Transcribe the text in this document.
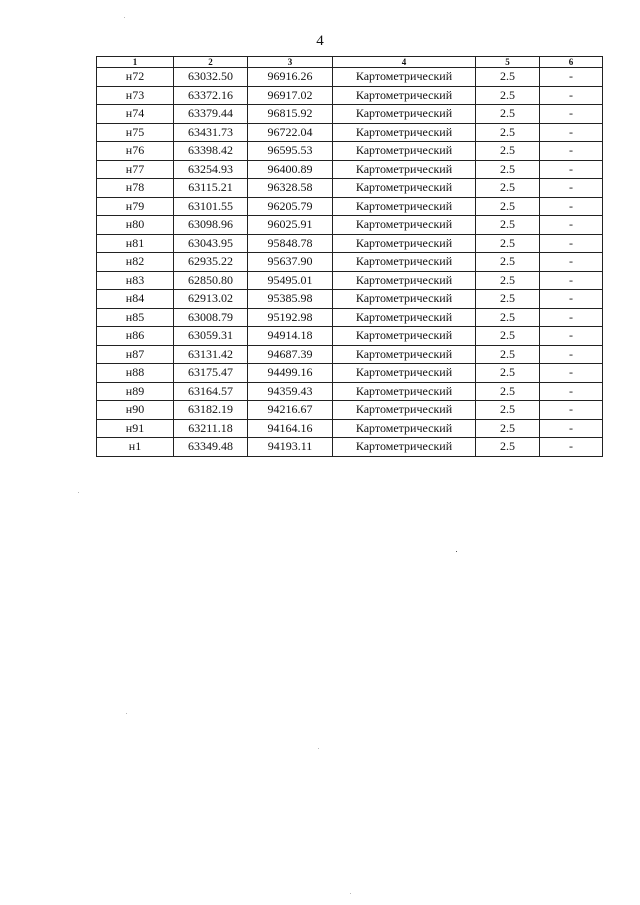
4
1	2	3	4	5	6
н72	63032.50	96916.26	Картометрический	2.5	-
н73	63372.16	96917.02	Картометрический	2.5	-
н74	63379.44	96815.92	Картометрический	2.5	-
н75	63431.73	96722.04	Картометрический	2.5	-
н76	63398.42	96595.53	Картометрический	2.5	-
н77	63254.93	96400.89	Картометрический	2.5	-
н78	63115.21	96328.58	Картометрический	2.5	-
н79	63101.55	96205.79	Картометрический	2.5	-
н80	63098.96	96025.91	Картометрический	2.5	-
н81	63043.95	95848.78	Картометрический	2.5	-
н82	62935.22	95637.90	Картометрический	2.5	-
н83	62850.80	95495.01	Картометрический	2.5	-
н84	62913.02	95385.98	Картометрический	2.5	-
н85	63008.79	95192.98	Картометрический	2.5	-
н86	63059.31	94914.18	Картометрический	2.5	-
н87	63131.42	94687.39	Картометрический	2.5	-
н88	63175.47	94499.16	Картометрический	2.5	-
н89	63164.57	94359.43	Картометрический	2.5	-
н90	63182.19	94216.67	Картометрический	2.5	-
н91	63211.18	94164.16	Картометрический	2.5	-
н1	63349.48	94193.11	Картометрический	2.5	-
